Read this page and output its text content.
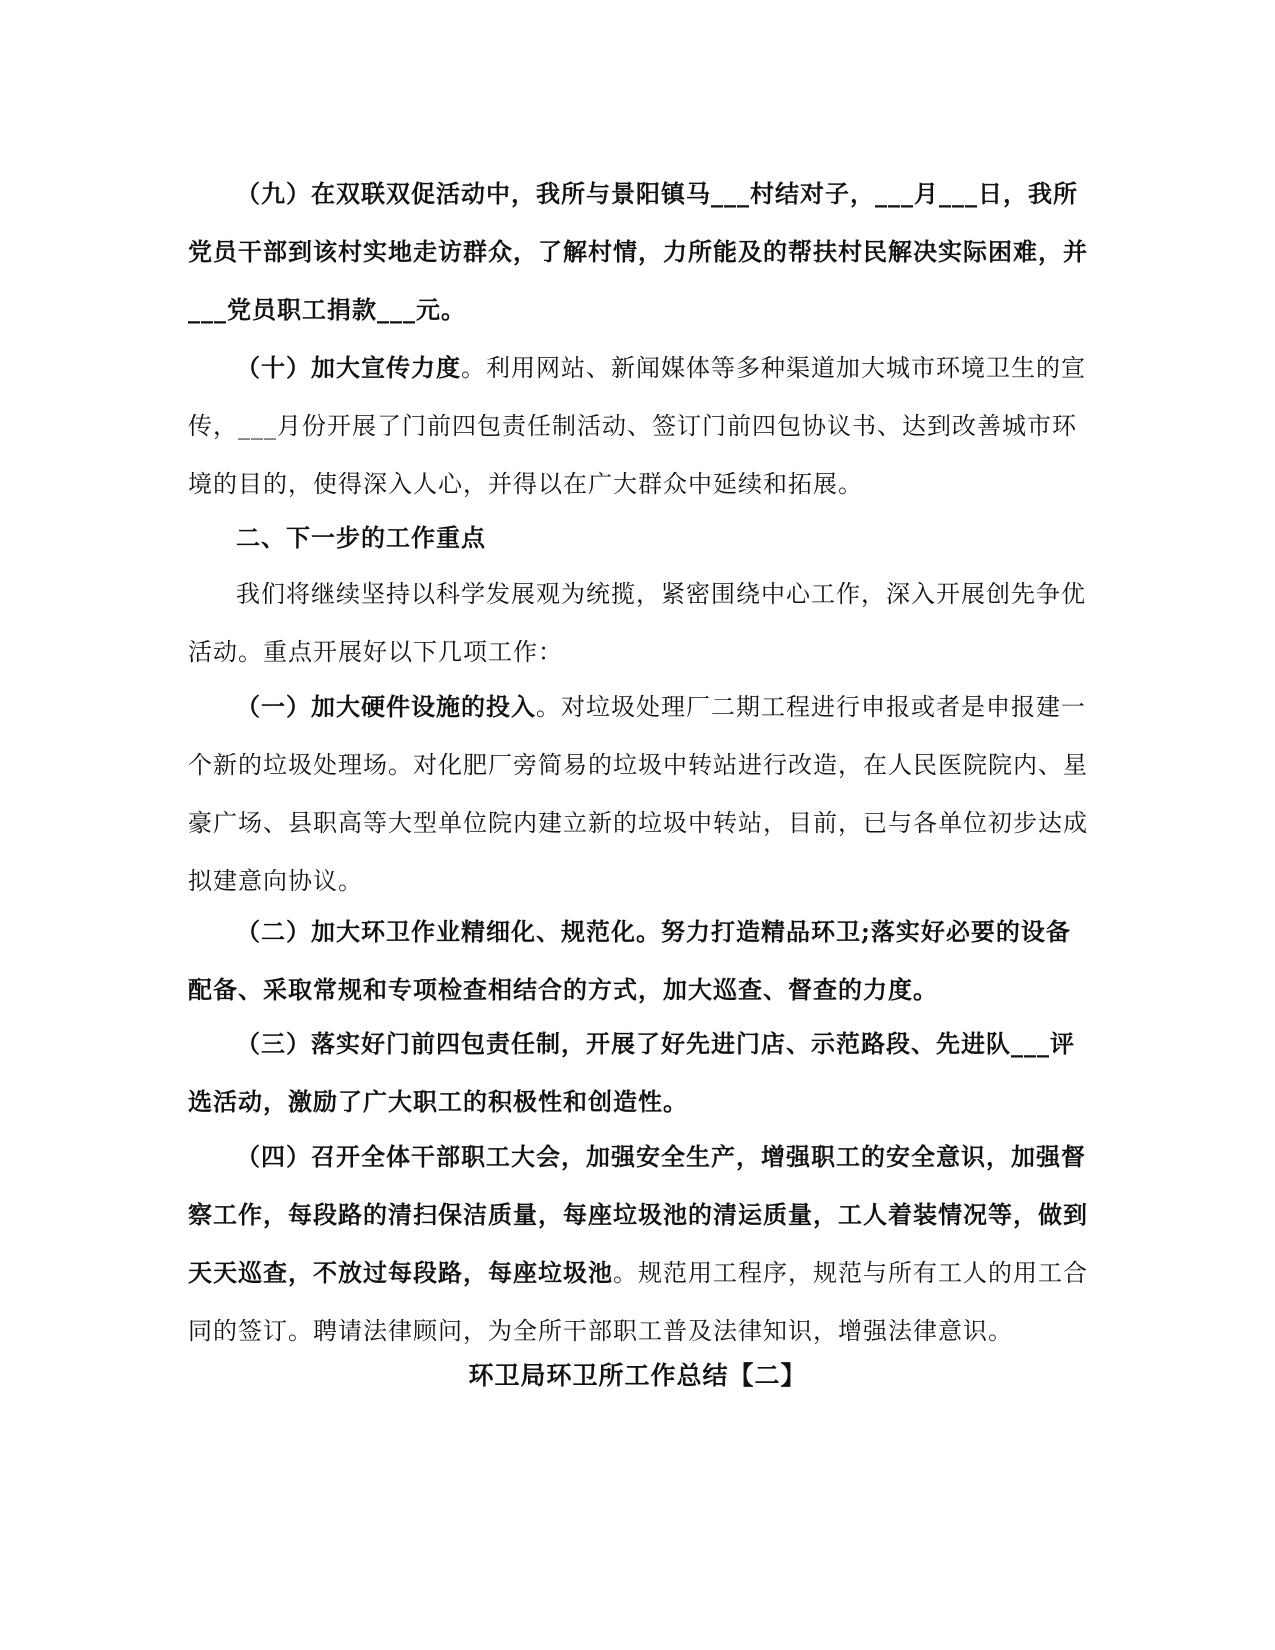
（九）在双联双促活动中，我所与景阳镇马___村结对子，___月___日，我所党员干部到该村实地走访群众，了解村情，力所能及的帮扶村民解决实际困难，并___党员职工捐款___元。

（十）加大宣传力度。利用网站、新闻媒体等多种渠道加大城市环境卫生的宣传，___月份开展了门前四包责任制活动、签订门前四包协议书、达到改善城市环境的目的，使得深入人心，并得以在广大群众中延续和拓展。

二、下一步的工作重点

我们将继续坚持以科学发展观为统揽，紧密围绕中心工作，深入开展创先争优活动。重点开展好以下几项工作：

（一）加大硬件设施的投入。对垃圾处理厂二期工程进行申报或者是申报建一个新的垃圾处理场。对化肥厂旁简易的垃圾中转站进行改造，在人民医院院内、星豪广场、县职高等大型单位院内建立新的垃圾中转站，目前，已与各单位初步达成拟建意向协议。

（二）加大环卫作业精细化、规范化。努力打造精品环卫;落实好必要的设备配备、采取常规和专项检查相结合的方式，加大巡查、督查的力度。

（三）落实好门前四包责任制，开展了好先进门店、示范路段、先进队___评选活动，激励了广大职工的积极性和创造性。

（四）召开全体干部职工大会，加强安全生产，增强职工的安全意识，加强督察工作，每段路的清扫保洁质量，每座垃圾池的清运质量，工人着装情况等，做到天天巡查，不放过每段路，每座垃圾池。规范用工程序，规范与所有工人的用工合同的签订。聘请法律顾问，为全所干部职工普及法律知识，增强法律意识。

环卫局环卫所工作总结【二】
